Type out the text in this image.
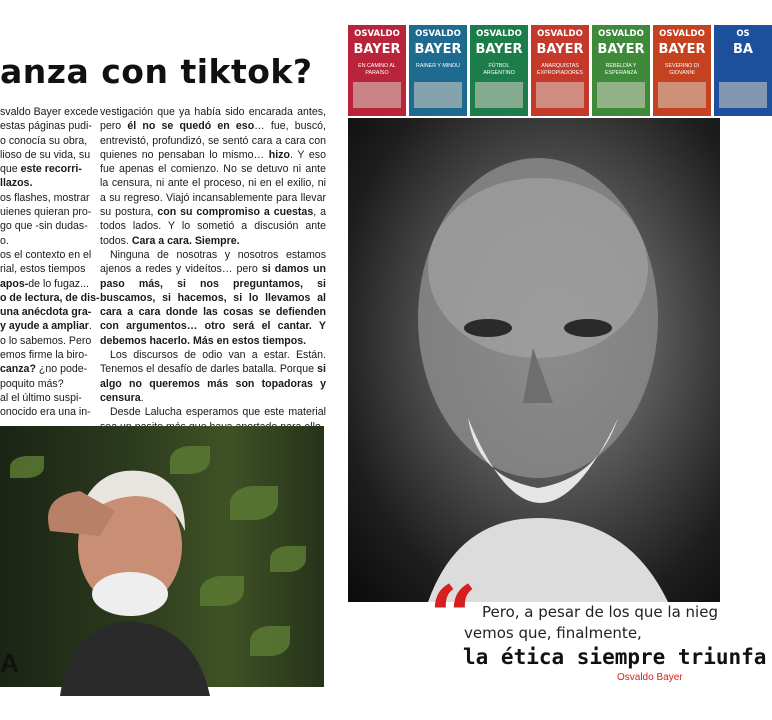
anza con tiktok?
svaldo Bayer excede
estas páginas pudi-
o conocía su obra,
lioso de su vida, su
que este recorri-
llazos.
os flashes, mostrar
uienes quieran pro-
go que -sin dudas-
o.
os el contexto en el
rial, estos tiempos
apos-de lo fugaz...
o de lectura, de dis-
una anécdota gra-
y ayude a ampliar.
o lo sabemos. Pero
emos firme la biro-
canza? ¿no pode-
poquito más?
al el último suspi-
onocido era una in-

vestigación que ya había sido encarada antes, pero él no se quedó en eso… fue, buscó, entrevistó, profundizó, se sentó cara a cara con quienes no pensaban lo mismo… hizo. Y eso fue apenas el comienzo. No se detuvo ni ante la censura, ni ante el proceso, ni en el exilio, ni a su regreso. Viajó incansablemente para llevar su postura, con su compromiso a cuestas, a todos lados. Y lo sometió a discusión ante todos. Cara a cara. Siempre.

Ninguna de nosotras y nosotros estamos ajenos a redes y videítos… pero si damos un paso más, si nos preguntamos, si buscamos, si hacemos, si lo llevamos al cara a cara donde las cosas se defienden con argumentos… otro será el cantar. Y debemos hacerlo. Más en estos tiempos.

Los discursos de odio van a estar. Están. Tenemos el desafío de darles batalla. Porque si algo no queremos más son topadoras y censura.

Desde Lalucha esperamos que este material

A
OSVALDO
BAYER
EN CAMINO AL PARAÍSO
OSVALDO
BAYER
RAINER Y MINOU
OSVALDO
BAYER
FÚTBOL ARGENTINO
OSVALDO
BAYER
ANARQUISTAS EXPROPIADORES
OSVALDO
BAYER
REBELDÍA Y ESPERANZA
OSVALDO
BAYER
SEVERINO DI GIOVANNI
OS
BA
“ Pero, a pesar de los que la nieg
vemos que, finalmente,
la ética siempre triunfa
Osvaldo Bayer
